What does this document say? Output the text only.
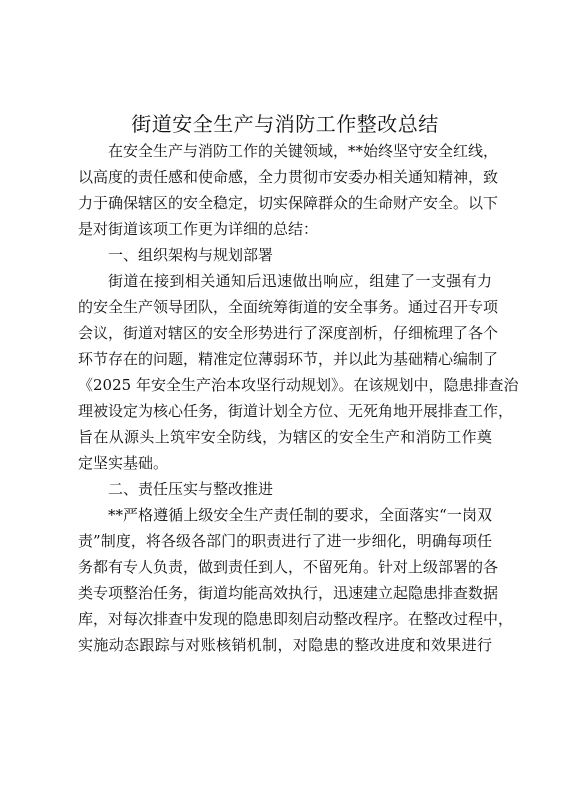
街道安全生产与消防工作整改总结
在安全生产与消防工作的关键领域，**始终坚守安全红线，
以高度的责任感和使命感，全力贯彻市安委办相关通知精神，致
力于确保辖区的安全稳定，切实保障群众的生命财产安全。以下
是对街道该项工作更为详细的总结：
一、组织架构与规划部署
街道在接到相关通知后迅速做出响应，组建了一支强有力
的安全生产领导团队，全面统筹街道的安全事务。通过召开专项
会议，街道对辖区的安全形势进行了深度剖析，仔细梳理了各个
环节存在的问题，精准定位薄弱环节，并以此为基础精心编制了
《2025 年安全生产治本攻坚行动规划》。在该规划中，隐患排查治
理被设定为核心任务，街道计划全方位、无死角地开展排查工作，
旨在从源头上筑牢安全防线，为辖区的安全生产和消防工作奠
定坚实基础。
二、责任压实与整改推进
**严格遵循上级安全生产责任制的要求，全面落实“一岗双
责”制度，将各级各部门的职责进行了进一步细化，明确每项任
务都有专人负责，做到责任到人，不留死角。针对上级部署的各
类专项整治任务，街道均能高效执行，迅速建立起隐患排查数据
库，对每次排查中发现的隐患即刻启动整改程序。在整改过程中，
实施动态跟踪与对账核销机制，对隐患的整改进度和效果进行
